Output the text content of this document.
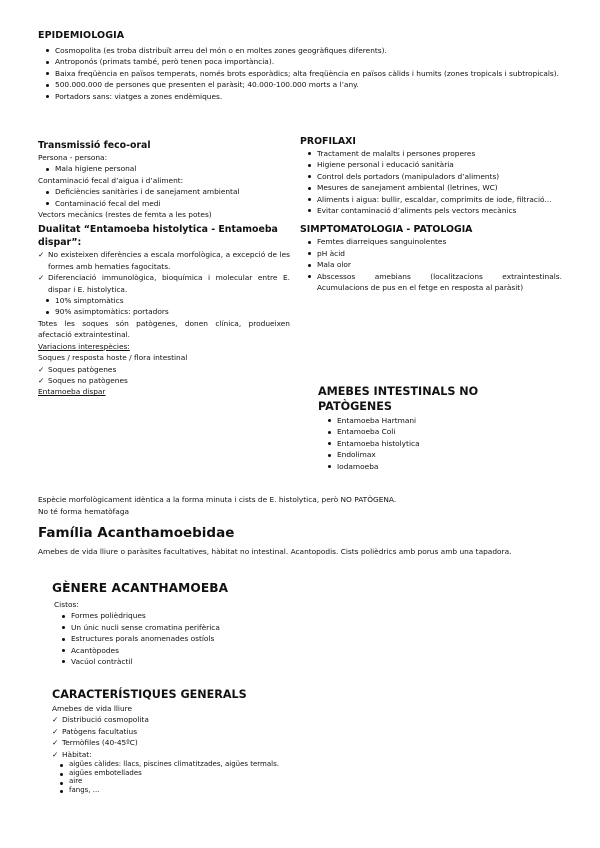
EPIDEMIOLOGIA
Cosmopolita (es troba distribuït arreu del món o en moltes zones geogràfiques diferents).
Antroponós (primats també, però tenen poca importància).
Baixa freqüència en països temperats, només brots esporàdics; alta freqüència en països càlids i humits (zones tropicals i subtropicals).
500.000.000 de persones que presenten el paràsit; 40.000-100.000 morts a l’any.
Portadors sans: viatges a zones endèmiques.
Transmissió feco-oral
Persona - persona:
Mala higiene personal
Contaminació fecal d’aigua i d’aliment:
Deficiències sanitàries i de sanejament ambiental
Contaminació fecal del medi
Vectors mecànics (restes de femta a les potes)
Dualitat “Entamoeba histolytica - Entamoeba dispar”:
✓ No existeixen diferències a escala morfològica, a excepció de les formes amb hematies fagocitats.
✓ Diferenciació immunològica, bioquímica i molecular entre E. dispar i E. histolytica.
10% simptomàtics
90% asimptomàtics: portadors
Totes les soques són patògenes, donen clínica, produeixen afectació extraintestinal.
Variacions interespècies:
Soques / resposta hoste / flora intestinal
✓ Soques patògenes
✓ Soques no patògenes
Entamoeba dispar
Espècie morfològicament idèntica a la forma minuta i cists de E. histolytica, però NO PATÒGENA.
No té forma hematòfaga
PROFILAXI
Tractament de malalts i persones properes
Higiene personal i educació sanitària
Control dels portadors (manipuladors d’aliments)
Mesures de sanejament ambiental (letrines, WC)
Aliments i aigua: bullir, escaldar, comprimits de iode, filtració...
Evitar contaminació d’aliments pels vectors mecànics
SIMPTOMATOLOGIA - PATOLOGIA
Femtes diarreiques sanguinolentes
pH àcid
Mala olor
Abscessos amebians (localitzacions extraintestinals. Acumulacions de pus en el fetge en resposta al paràsit)
AMEBES INTESTINALS NO
PATÒGENES
Entamoeba Hartmani
Entamoeba Coli
Entamoeba histolytica
Endolimax
Iodamoeba
Família Acanthamoebidae
Amebes de vida lliure o paràsites facultatives, hàbitat no intestinal. Acantopodis. Cists polièdrics amb porus amb una tapadora.
GÈNERE ACANTHAMOEBA
Cistos:
Formes polièdriques
Un únic nucli sense cromatina perifèrica
Estructures porals anomenades ostíols
Acantòpodes
Vacúol contràctil
CARACTERÍSTIQUES GENERALS
Amebes de vida lliure
✓ Distribució cosmopolita
✓ Patògens facultatius
✓ Termòfiles (40-45ºC)
✓ Hàbitat:
aigües càlides: llacs, piscines climatitzades, aigües termals.
aigües embotellades
aire
fangs, ...
